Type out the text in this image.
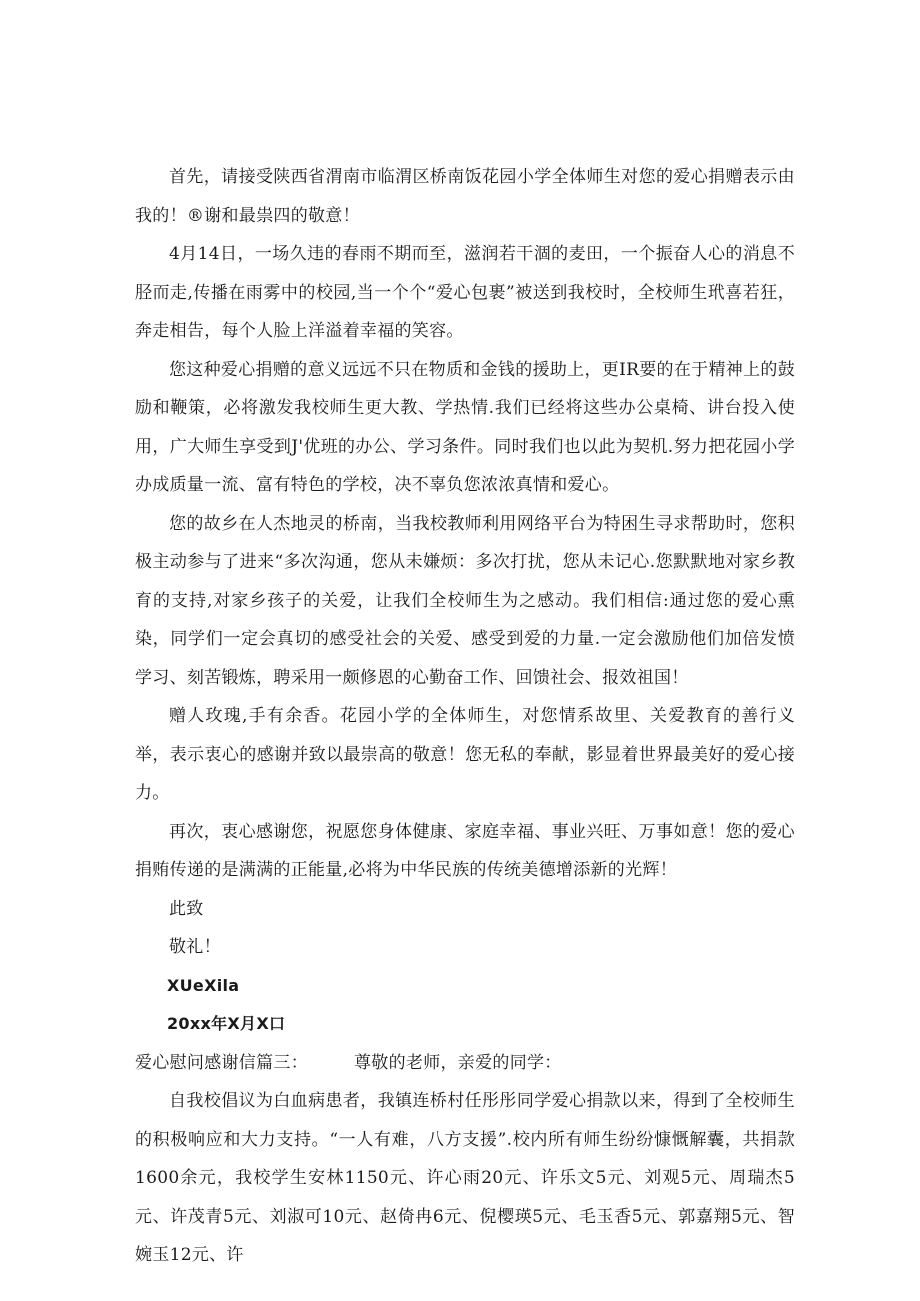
首先，请接受陕西省渭南市临渭区桥南饭花园小学全体师生对您的爱心捐赠表示由我的！®谢和最祟四的敬意！

4月14日，一场久违的春雨不期而至，滋润若干涸的麦田，一个振奋人心的消息不胫而走,传播在雨雾中的校园,当一个个“爱心包裹”被送到我校时，全校师生玳喜若狂，奔走相告，每个人脸上洋溢着幸福的笑容。

您这种爱心捐赠的意义远远不只在物质和金钱的援助上，更IR要的在于精神上的鼓励和鞭策，必将激发我校师生更大教、学热情.我们已经将这些办公桌椅、讲台投入使用，广大师生享受到J'优班的办公、学习条件。同时我们也以此为契机.努力把花园小学办成质量一流、富有特色的学校，决不辜负您浓浓真情和爱心。

您的故乡在人杰地灵的桥南，当我校教师利用网络平台为特困生寻求帮助时，您积极主动参与了进来“多次沟通，您从未嫌烦：多次打扰，您从未记心.您默默地对家乡教育的支持,对家乡孩子的关爱，让我们全校师生为之感动。我们相信:通过您的爱心熏染，同学们一定会真切的感受社会的关爱、感受到爱的力量.一定会激励他们加倍发愤学习、刻苦锻炼，聘采用一颇修恩的心勤奋工作、回馈社会、报效祖国！

赠人玫瑰,手有余香。花园小学的全体师生，对您情系故里、关爱教育的善行义举，表示衷心的感谢并致以最崇高的敬意！您无私的奉献，影显着世界最美好的爱心接力。

再次，衷心感谢您，祝愿您身体健康、家庭幸福、事业兴旺、万事如意！您的爱心捐贿传递的是满满的正能量,必将为中华民族的传统美德增添新的光辉！

此致

敬礼！

XUeXila

20xx年X月X口

爱心慰问感谢信篇三：	尊敬的老师，亲爱的同学：

自我校倡议为白血病患者，我镇连桥村任彤彤同学爱心捐款以来，得到了全校师生的积极响应和大力支持。“一人有难，八方支援”.校内所有师生纷纷慷慨解囊，共捐款1600余元，我校学生安林1150元、许心雨20元、许乐文5元、刘观5元、周瑞杰5元、许茂青5元、刘淑可10元、赵倚冉6元、倪樱瑛5元、毛玉香5元、郭嘉翔5元、智婉玉12元、许
